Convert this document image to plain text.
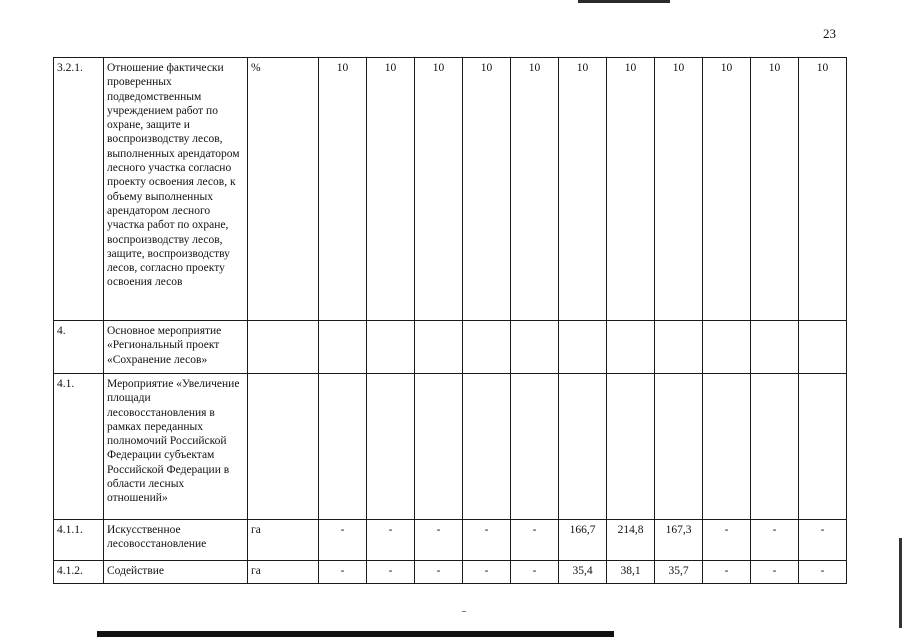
23
3.2.1.	Отношение фактически проверенных подведомственным учреждением работ по охране, защите и воспроизводству лесов, выполненных арендатором лесного участка согласно проекту освоения лесов, к объему выполненных арендатором лесного участка работ по охране, воспроизводству лесов, защите, воспроизводству лесов, согласно проекту освоения лесов	%	10	10	10	10	10	10	10	10	10	10	10
4.	Основное мероприятие «Региональный проект «Сохранение лесов»												
4.1.	Мероприятие «Увеличение площади лесовосстановления в рамках переданных полномочий Российской Федерации субъектам Российской Федерации в области лесных отношений»												
4.1.1.	Искусственное лесовосстановление	га	-	-	-	-	-	166,7	214,8	167,3	-	-	-
4.1.2.	Содействие	га	-	-	-	-	-	35,4	38,1	35,7	-	-	-
